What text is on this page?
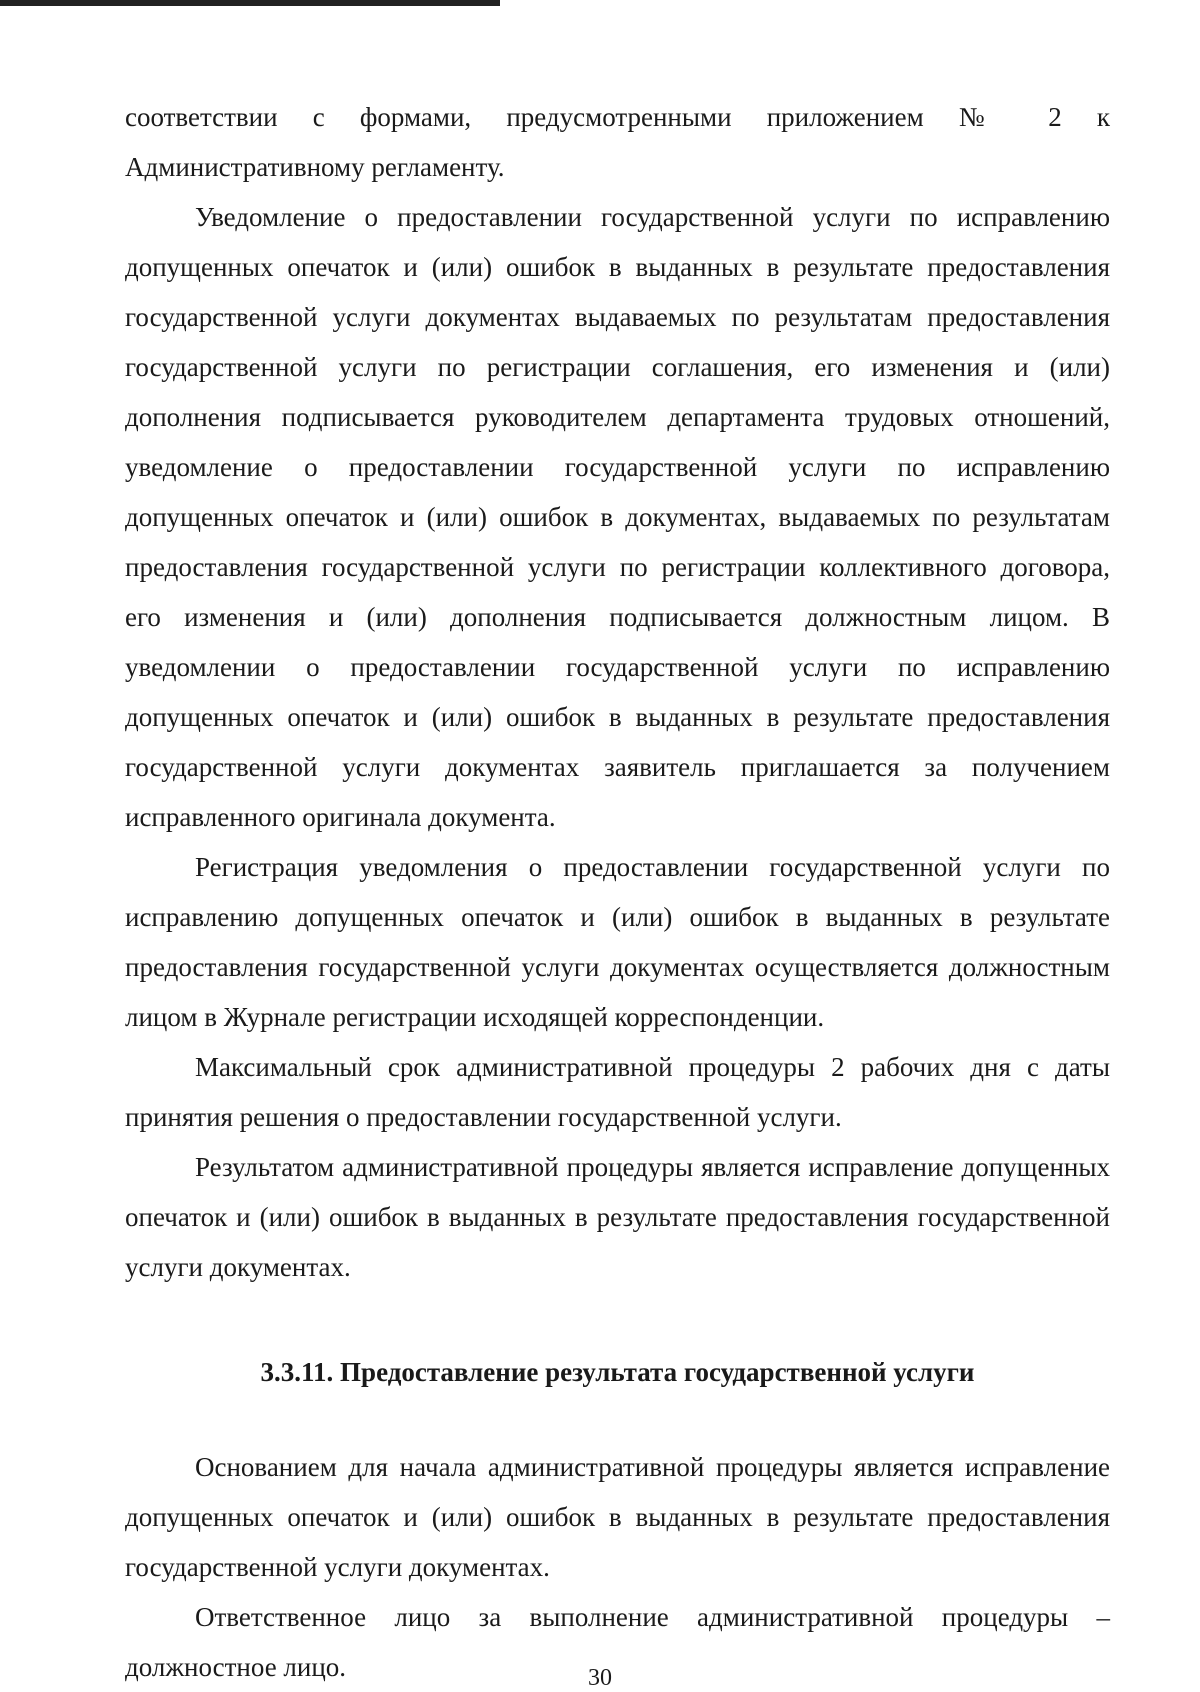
соответствии с формами, предусмотренными приложением № 2 к Административному регламенту.

Уведомление о предоставлении государственной услуги по исправлению допущенных опечаток и (или) ошибок в выданных в результате предоставления государственной услуги документах выдаваемых по результатам предоставления государственной услуги по регистрации соглашения, его изменения и (или) дополнения подписывается руководителем департамента трудовых отношений, уведомление о предоставлении государственной услуги по исправлению допущенных опечаток и (или) ошибок в документах, выдаваемых по результатам предоставления государственной услуги по регистрации коллективного договора, его изменения и (или) дополнения подписывается должностным лицом. В уведомлении о предоставлении государственной услуги по исправлению допущенных опечаток и (или) ошибок в выданных в результате предоставления государственной услуги документах заявитель приглашается за получением исправленного оригинала документа.

Регистрация уведомления о предоставлении государственной услуги по исправлению допущенных опечаток и (или) ошибок в выданных в результате предоставления государственной услуги документах осуществляется должностным лицом в Журнале регистрации исходящей корреспонденции.

Максимальный срок административной процедуры 2 рабочих дня с даты принятия решения о предоставлении государственной услуги.

Результатом административной процедуры является исправление допущенных опечаток и (или) ошибок в выданных в результате предоставления государственной услуги документах.

3.3.11. Предоставление результата государственной услуги

Основанием для начала административной процедуры является исправление допущенных опечаток и (или) ошибок в выданных в результате предоставления государственной услуги документах.

Ответственное лицо за выполнение административной процедуры – должностное лицо.	30
